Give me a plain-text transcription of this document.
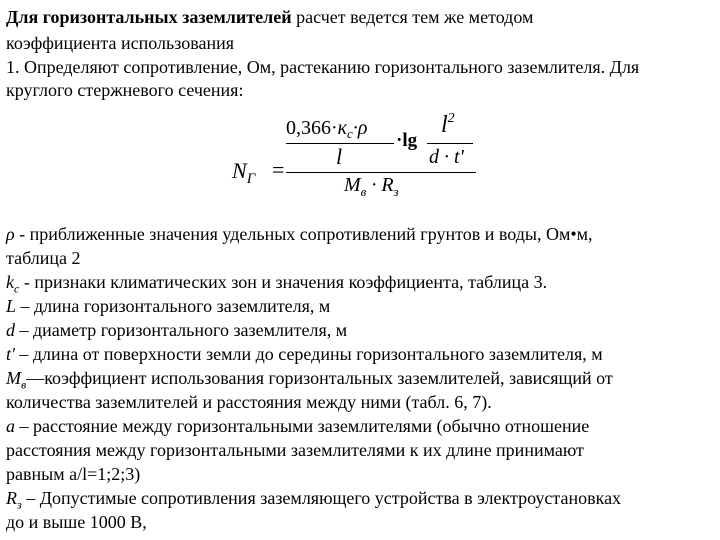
Для горизонтальных заземлителей расчет ведется тем же методом
коэффициента использования
1. Определяют сопротивление, Ом, растеканию горизонтального заземлителя. Для
круглого стержневого сечения:
$N_Г$ =
$0,366\cdot к_с\cdot\rho$
l
·lg
$l^2$
d · t'
$M_в \cdot R_з$
ρ - приближенные значения удельных сопротивлений грунтов и воды, Ом•м,
таблица 2
$k_c$ - признаки климатических зон и значения коэффициента, таблица 3.
L – длина горизонтального заземлителя, м
d – диаметр горизонтального заземлителя, м
t' – длина от поверхности земли до середины горизонтального заземлителя, м
$M_в—коэффициент$ использования горизонтальных заземлителей, зависящий от
количества заземлителей и расстояния между ними (табл. 6, 7).
a – расстояние между горизонтальными заземлителями (обычно отношение
расстояния между горизонтальными заземлителями к их длине принимают
равным а/l=1;2;3)
$R_з$ – Допустимые сопротивления заземляющего устройства в электроустановках
до и выше 1000 В,
